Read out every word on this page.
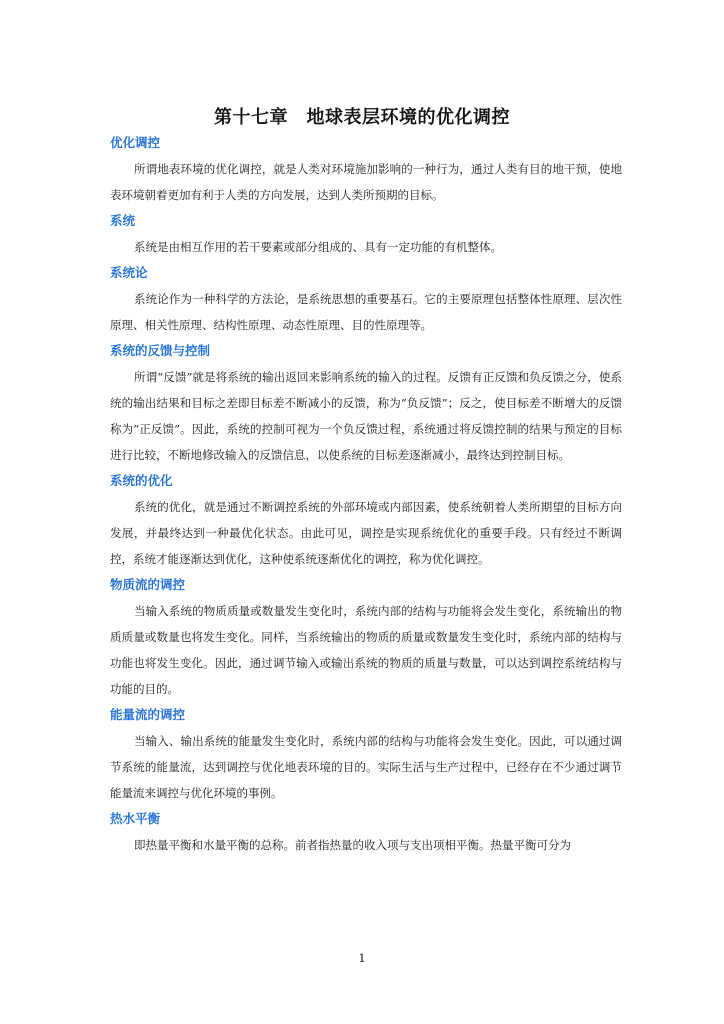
第十七章　地球表层环境的优化调控
优化调控

所谓地表环境的优化调控，就是人类对环境施加影响的一种行为，通过人类有目的地干预，使地表环境朝着更加有利于人类的方向发展，达到人类所预期的目标。

系统

系统是由相互作用的若干要素或部分组成的、具有一定功能的有机整体。

系统论

系统论作为一种科学的方法论，是系统思想的重要基石。它的主要原理包括整体性原理、层次性原理、相关性原理、结构性原理、动态性原理、目的性原理等。

系统的反馈与控制

所谓“反馈”就是将系统的输出返回来影响系统的输入的过程。反馈有正反馈和负反馈之分，使系统的输出结果和目标之差即目标差不断减小的反馈，称为“负反馈”；反之，使目标差不断增大的反馈称为“正反馈”。因此，系统的控制可视为一个负反馈过程，系统通过将反馈控制的结果与预定的目标进行比较，不断地修改输入的反馈信息，以使系统的目标差逐渐减小，最终达到控制目标。

系统的优化

系统的优化，就是通过不断调控系统的外部环境或内部因素，使系统朝着人类所期望的目标方向发展，并最终达到一种最优化状态。由此可见，调控是实现系统优化的重要手段。只有经过不断调控，系统才能逐渐达到优化，这种使系统逐渐优化的调控，称为优化调控。

物质流的调控

当输入系统的物质质量或数量发生变化时，系统内部的结构与功能将会发生变化，系统输出的物质质量或数量也将发生变化。同样，当系统输出的物质的质量或数量发生变化时，系统内部的结构与功能也将发生变化。因此，通过调节输入或输出系统的物质的质量与数量，可以达到调控系统结构与功能的目的。

能量流的调控

当输入、输出系统的能量发生变化时，系统内部的结构与功能将会发生变化。因此，可以通过调节系统的能量流，达到调控与优化地表环境的目的。实际生活与生产过程中，已经存在不少通过调节能量流来调控与优化环境的事例。

热水平衡

即热量平衡和水量平衡的总称。前者指热量的收入项与支出项相平衡。热量平衡可分为

1
